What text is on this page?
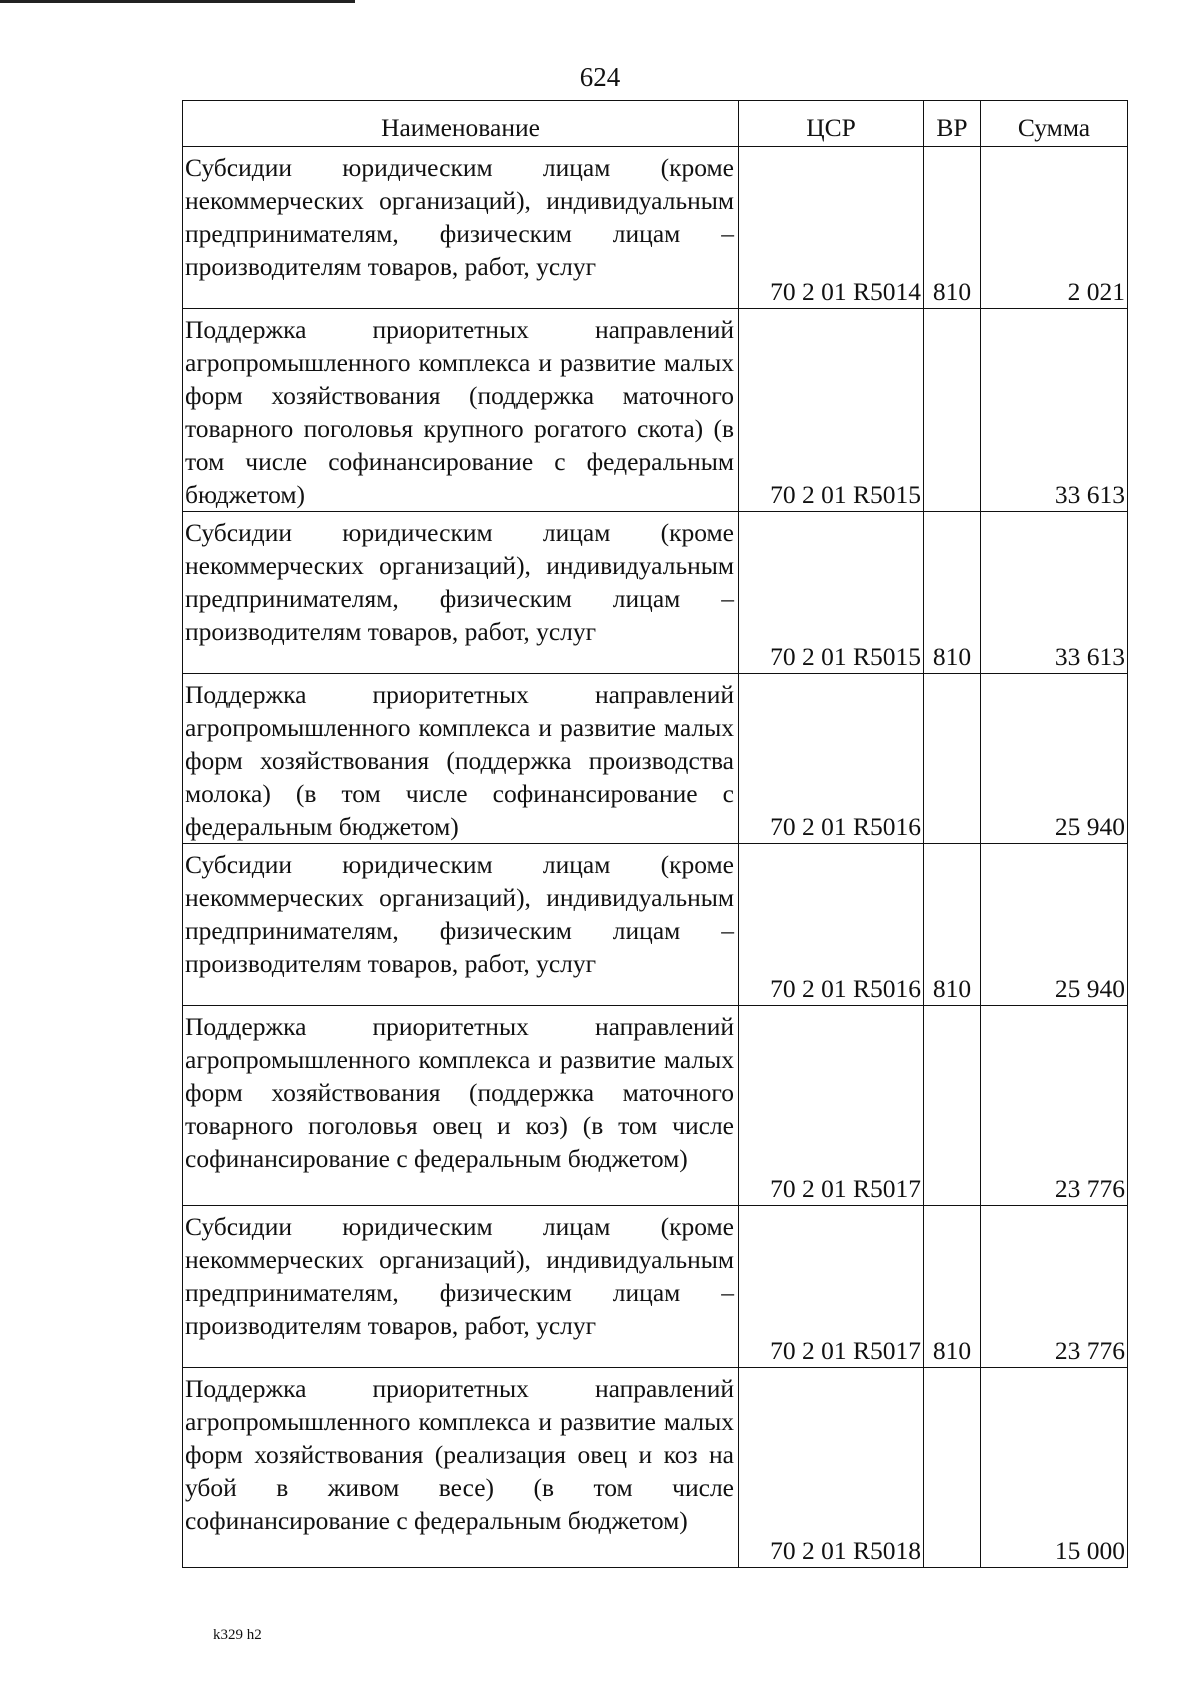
624
Наименование	ЦСР	ВР	Сумма
Субсидии юридическим лицам (кроме некоммерческих организаций), индивидуальным предпринимателям, физическим лицам – производителям товаров, работ, услуг	70 2 01 R5014	810	2 021
Поддержка приоритетных направлений агропромышленного комплекса и развитие малых форм хозяйствования (поддержка маточного товарного поголовья крупного рогатого скота) (в том числе софинансирование с федеральным бюджетом)	70 2 01 R5015		33 613
Субсидии юридическим лицам (кроме некоммерческих организаций), индивидуальным предпринимателям, физическим лицам – производителям товаров, работ, услуг	70 2 01 R5015	810	33 613
Поддержка приоритетных направлений агропромышленного комплекса и развитие малых форм хозяйствования (поддержка производства молока) (в том числе софинансирование с федеральным бюджетом)	70 2 01 R5016		25 940
Субсидии юридическим лицам (кроме некоммерческих организаций), индивидуальным предпринимателям, физическим лицам – производителям товаров, работ, услуг	70 2 01 R5016	810	25 940
Поддержка приоритетных направлений агропромышленного комплекса и развитие малых форм хозяйствования (поддержка маточного товарного поголовья овец и коз) (в том числе софинансирование с федеральным бюджетом)	70 2 01 R5017		23 776
Субсидии юридическим лицам (кроме некоммерческих организаций), индивидуальным предпринимателям, физическим лицам – производителям товаров, работ, услуг	70 2 01 R5017	810	23 776
Поддержка приоритетных направлений агропромышленного комплекса и развитие малых форм хозяйствования (реализация овец и коз на убой в живом весе) (в том числе софинансирование с федеральным бюджетом)	70 2 01 R5018		15 000
k329 h2
